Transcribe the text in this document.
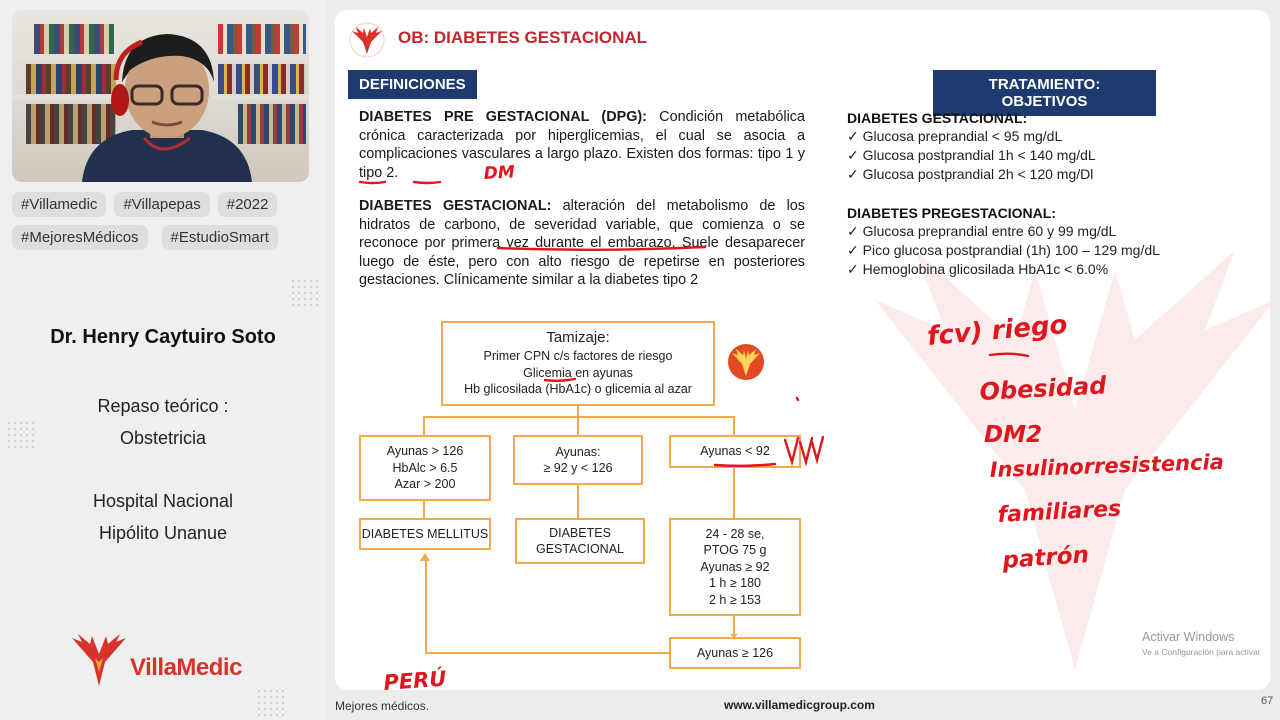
#Villamedic	#Villapepas	#2022
#MejoresMédicos	#EstudioSmart
Dr. Henry Caytuiro Soto
Repaso teórico :
Obstetricia
Hospital Nacional
Hipólito Unanue
VillaMedic
OB: DIABETES GESTACIONAL
DEFINICIONES	TRATAMIENTO: OBJETIVOS
DIABETES PRE GESTACIONAL (DPG): Condición metabólica crónica caracterizada por hiperglicemias, el cual se asocia a complicaciones vasculares a largo plazo. Existen dos formas: tipo 1 y tipo 2.
DIABETES GESTACIONAL: alteración del metabolismo de los hidratos de carbono, de severidad variable, que comienza o se reconoce por primera vez durante el embarazo. Suele desaparecer luego de éste, pero con alto riesgo de repetirse en posteriores gestaciones. Clínicamente similar a la diabetes tipo 2
DIABETES GESTACIONAL:
✓ Glucosa preprandial < 95 mg/dL
✓ Glucosa postprandial 1h < 140 mg/dL
✓ Glucosa postprandial 2h < 120 mg/Dl
DIABETES PREGESTACIONAL:
✓ Glucosa preprandial entre 60 y 99 mg/dL
✓ Pico glucosa postprandial (1h) 100 – 129 mg/dL
✓ Hemoglobina glicosilada HbA1c < 6.0%
Tamizaje:
Primer CPN c/s factores de riesgo
Glicemia en ayunas
Hb glicosilada (HbA1c) o glicemia al azar
Ayunas > 126
HbAlc > 6.5
Azar > 200
Ayunas:
≥ 92 y < 126
Ayunas < 92
DIABETES MELLITUS	DIABETES
GESTACIONAL
24 - 28 se,
PTOG 75 g
Ayunas ≥ 92
1 h ≥ 180
2 h ≥ 153
Ayunas ≥ 126
Mejores médicos.	www.villamedicgroup.com	67
Activar Windows
Ve a Configuración para activar
DM
PERÚ
fcv) riego
Obesidad
DM2
Insulinorresistencia
familiares
patrón
